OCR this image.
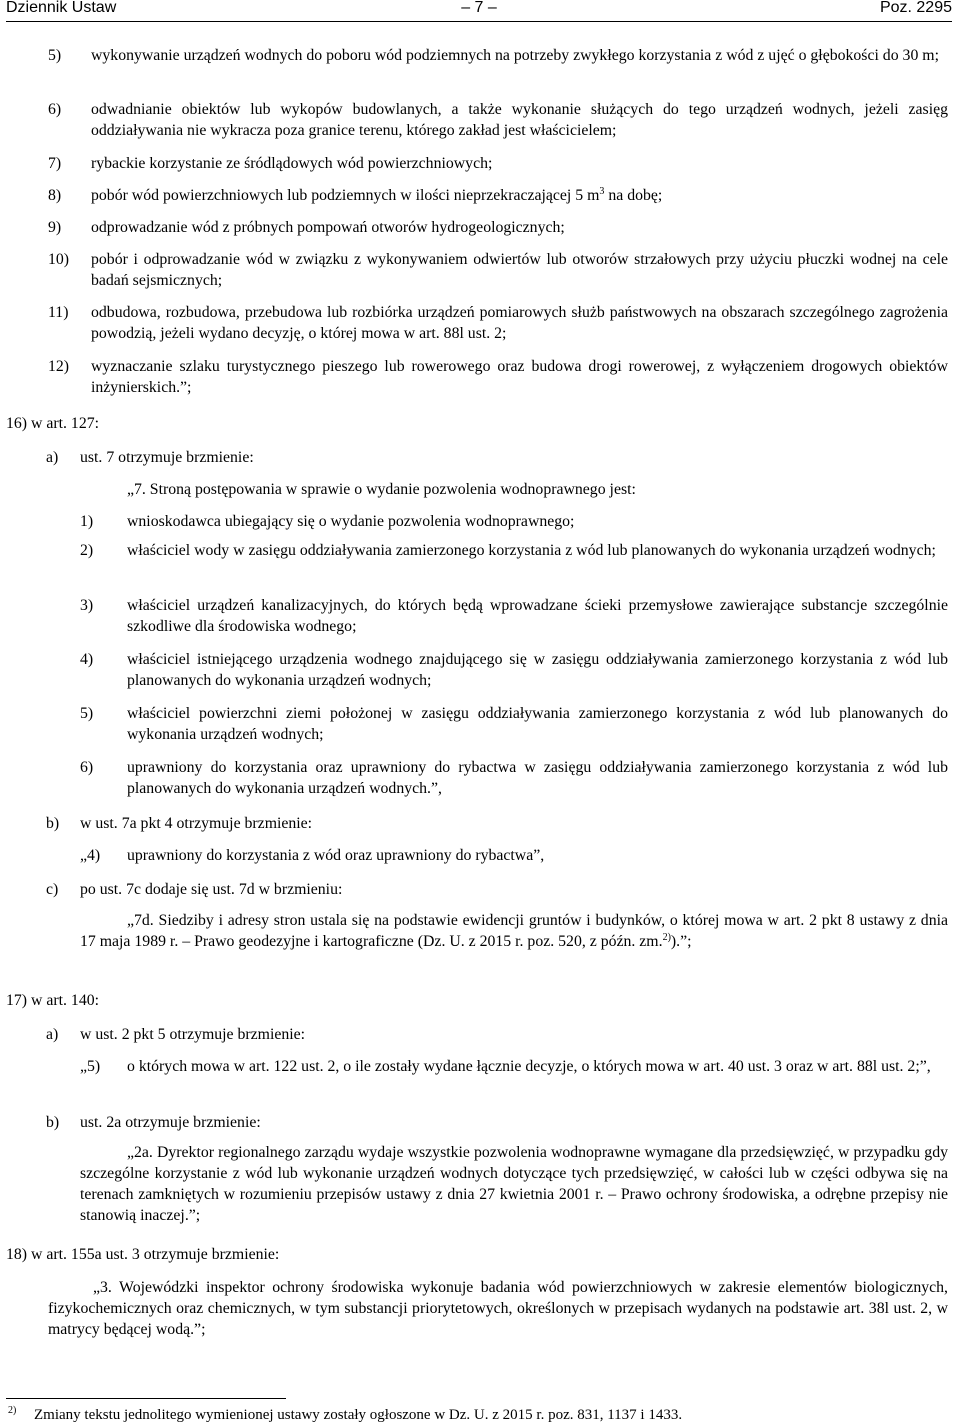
Dziennik Ustaw	– 7 –	Poz. 2295
5) wykonywanie urządzeń wodnych do poboru wód podziemnych na potrzeby zwykłego korzystania z wód z ujęć o głębokości do 30 m;

6) odwadnianie obiektów lub wykopów budowlanych, a także wykonanie służących do tego urządzeń wodnych, jeżeli zasięg oddziaływania nie wykracza poza granice terenu, którego zakład jest właścicielem;

7) rybackie korzystanie ze śródlądowych wód powierzchniowych;

8) pobór wód powierzchniowych lub podziemnych w ilości nieprzekraczającej 5 $m^3$ na dobę;

9) odprowadzanie wód z próbnych pompowań otworów hydrogeologicznych;

10) pobór i odprowadzanie wód w związku z wykonywaniem odwiertów lub otworów strzałowych przy użyciu płuczki wodnej na cele badań sejsmicznych;

11) odbudowa, rozbudowa, przebudowa lub rozbiórka urządzeń pomiarowych służb państwowych na obszarach szczególnego zagrożenia powodzią, jeżeli wydano decyzję, o której mowa w art. 88l ust. 2;

12) wyznaczanie szlaku turystycznego pieszego lub rowerowego oraz budowa drogi rowerowej, z wyłączeniem drogowych obiektów inżynierskich.”;

16) w art. 127:
a) ust. 7 otrzymuje brzmienie:

„7. Stroną postępowania w sprawie o wydanie pozwolenia wodnoprawnego jest:
1) wnioskodawca ubiegający się o wydanie pozwolenia wodnoprawnego;

2) właściciel wody w zasięgu oddziaływania zamierzonego korzystania z wód lub planowanych do wykonania urządzeń wodnych;

3) właściciel urządzeń kanalizacyjnych, do których będą wprowadzane ścieki przemysłowe zawierające substancje szczególnie szkodliwe dla środowiska wodnego;

4) właściciel istniejącego urządzenia wodnego znajdującego się w zasięgu oddziaływania zamierzonego korzystania z wód lub planowanych do wykonania urządzeń wodnych;

5) właściciel powierzchni ziemi położonej w zasięgu oddziaływania zamierzonego korzystania z wód lub planowanych do wykonania urządzeń wodnych;

6) uprawniony do korzystania oraz uprawniony do rybactwa w zasięgu oddziaływania zamierzonego korzystania z wód lub planowanych do wykonania urządzeń wodnych.”,

b) w ust. 7a pkt 4 otrzymuje brzmienie:

„4) uprawniony do korzystania z wód oraz uprawniony do rybactwa”,

c) po ust. 7c dodaje się ust. 7d w brzmieniu:

„7d. Siedziby i adresy stron ustala się na podstawie ewidencji gruntów i budynków, o której mowa w art. 2 pkt 8 ustawy z dnia 17 maja 1989 r. – Prawo geodezyjne i kartograficzne (Dz. U. z 2015 r. poz. 520, z późn. zm.$^{2)}$).”;

17) w art. 140:
a) w ust. 2 pkt 5 otrzymuje brzmienie:

„5) o których mowa w art. 122 ust. 2, o ile zostały wydane łącznie decyzje, o których mowa w art. 40 ust. 3 oraz w art. 88l ust. 2;”,

b) ust. 2a otrzymuje brzmienie:

„2a. Dyrektor regionalnego zarządu wydaje wszystkie pozwolenia wodnoprawne wymagane dla przedsięwzięć, w przypadku gdy szczególne korzystanie z wód lub wykonanie urządzeń wodnych dotyczące tych przedsięwzięć, w całości lub w części odbywa się na terenach zamkniętych w rozumieniu przepisów ustawy z dnia 27 kwietnia 2001 r. – Prawo ochrony środowiska, a odrębne przepisy nie stanowią inaczej.”;

18) w art. 155a ust. 3 otrzymuje brzmienie:

„3. Wojewódzki inspektor ochrony środowiska wykonuje badania wód powierzchniowych w zakresie elementów biologicznych, fizykochemicznych oraz chemicznych, w tym substancji priorytetowych, określonych w przepisach wydanych na podstawie art. 38l ust. 2, w matrycy będącej wodą.”;

2) Zmiany tekstu jednolitego wymienionej ustawy zostały ogłoszone w Dz. U. z 2015 r. poz. 831, 1137 i 1433.
